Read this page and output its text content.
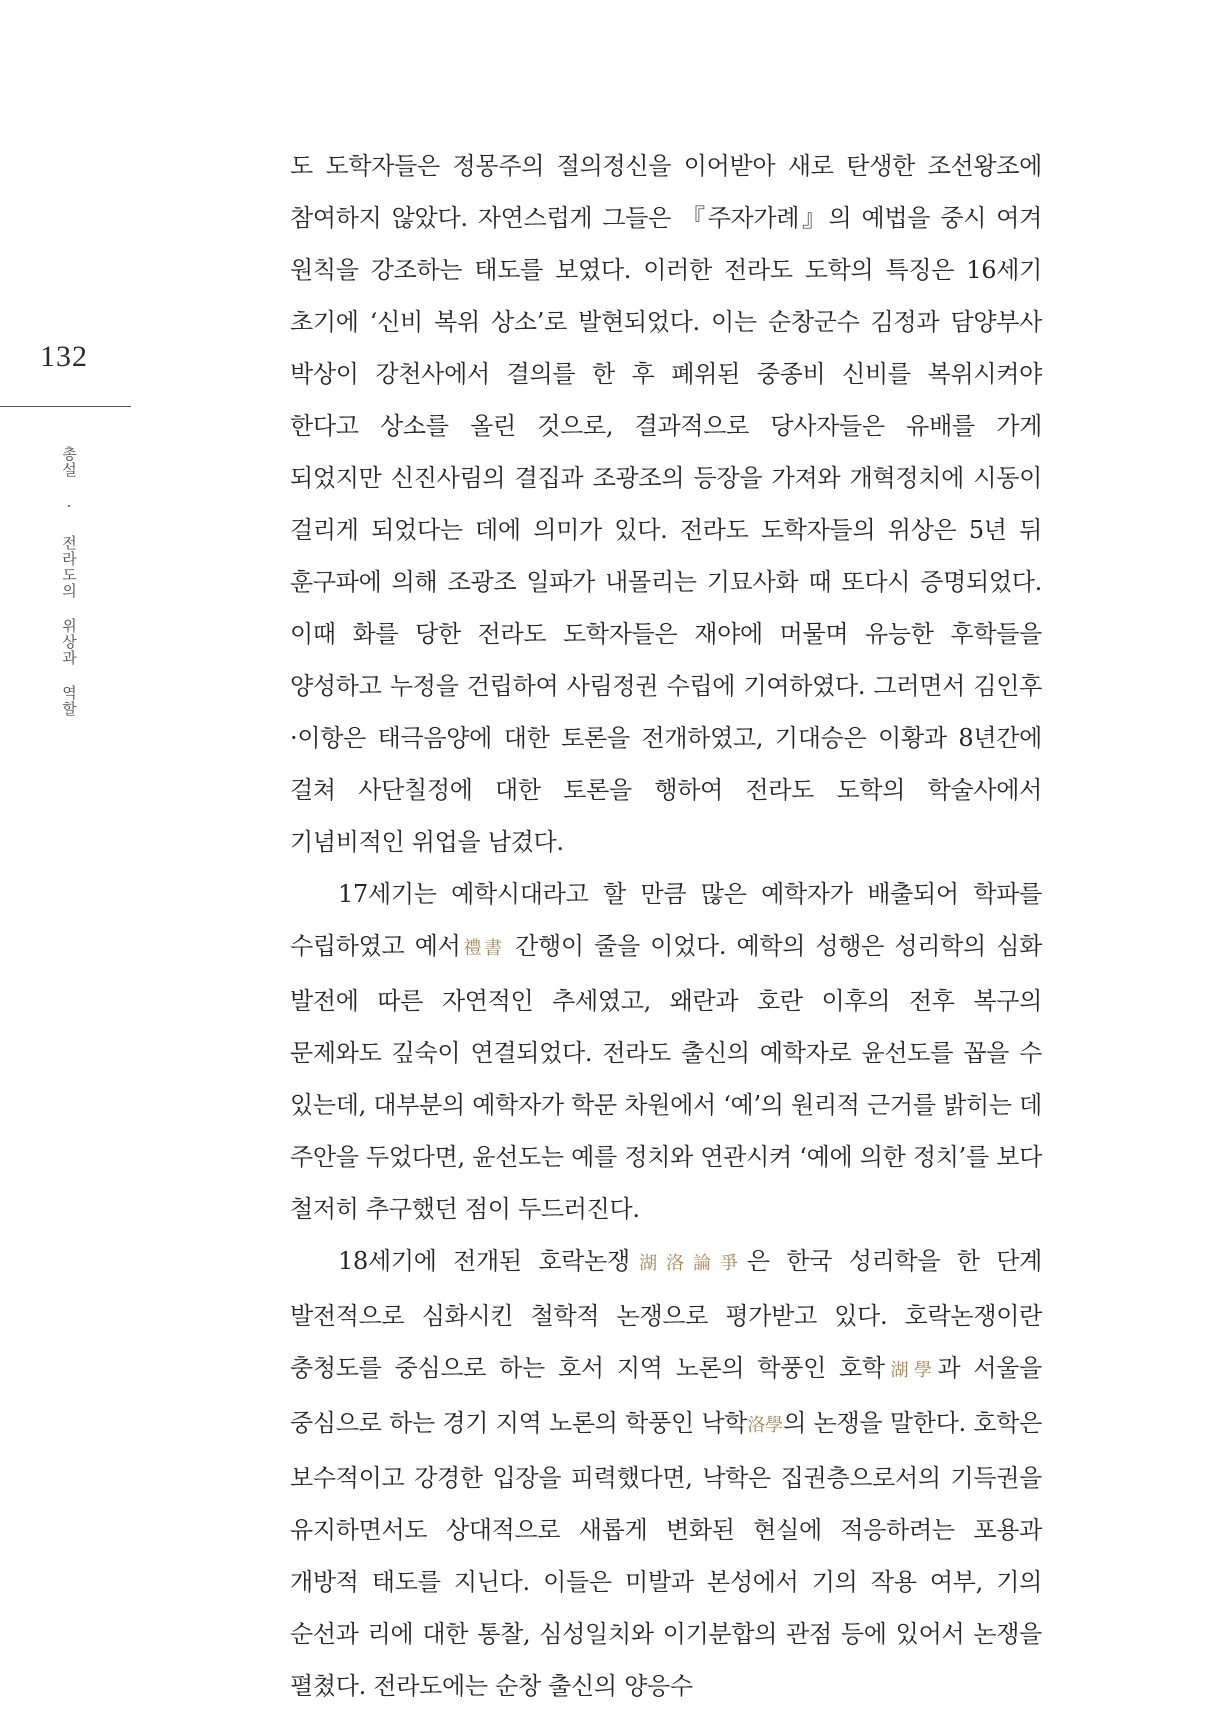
132
총설 · 전라도의 위상과 역할

도 도학자들은 정몽주의 절의정신을 이어받아 새로 탄생한 조선왕조에 참여하지 않았다. 자연스럽게 그들은 『주자가례』의 예법을 중시 여겨 원칙을 강조하는 태도를 보였다. 이러한 전라도 도학의 특징은 16세기 초기에 ‘신비 복위 상소’로 발현되었다. 이는 순창군수 김정과 담양부사 박상이 강천사에서 결의를 한 후 폐위된 중종비 신비를 복위시켜야 한다고 상소를 올린 것으로, 결과적으로 당사자들은 유배를 가게 되었지만 신진사림의 결집과 조광조의 등장을 가져와 개혁정치에 시동이 걸리게 되었다는 데에 의미가 있다. 전라도 도학자들의 위상은 5년 뒤 훈구파에 의해 조광조 일파가 내몰리는 기묘사화 때 또다시 증명되었다. 이때 화를 당한 전라도 도학자들은 재야에 머물며 유능한 후학들을 양성하고 누정을 건립하여 사림정권 수립에 기여하였다. 그러면서 김인후·이항은 태극음양에 대한 토론을 전개하였고, 기대승은 이황과 8년간에 걸쳐 사단칠정에 대한 토론을 행하여 전라도 도학의 학술사에서 기념비적인 위업을 남겼다.

17세기는 예학시대라고 할 만큼 많은 예학자가 배출되어 학파를 수립하였고 예서禮書 간행이 줄을 이었다. 예학의 성행은 성리학의 심화 발전에 따른 자연적인 추세였고, 왜란과 호란 이후의 전후 복구의 문제와도 깊숙이 연결되었다. 전라도 출신의 예학자로 윤선도를 꼽을 수 있는데, 대부분의 예학자가 학문 차원에서 ‘예’의 원리적 근거를 밝히는 데 주안을 두었다면, 윤선도는 예를 정치와 연관시켜 ‘예에 의한 정치’를 보다 철저히 추구했던 점이 두드러진다.

18세기에 전개된 호락논쟁湖洛論爭은 한국 성리학을 한 단계 발전적으로 심화시킨 철학적 논쟁으로 평가받고 있다. 호락논쟁이란 충청도를 중심으로 하는 호서 지역 노론의 학풍인 호학湖學과 서울을 중심으로 하는 경기 지역 노론의 학풍인 낙학洛學의 논쟁을 말한다. 호학은 보수적이고 강경한 입장을 피력했다면, 낙학은 집권층으로서의 기득권을 유지하면서도 상대적으로 새롭게 변화된 현실에 적응하려는 포용과 개방적 태도를 지닌다. 이들은 미발과 본성에서 기의 작용 여부, 기의 순선과 리에 대한 통찰, 심성일치와 이기분합의 관점 등에 있어서 논쟁을 펼쳤다. 전라도에는 순창 출신의 양응수
